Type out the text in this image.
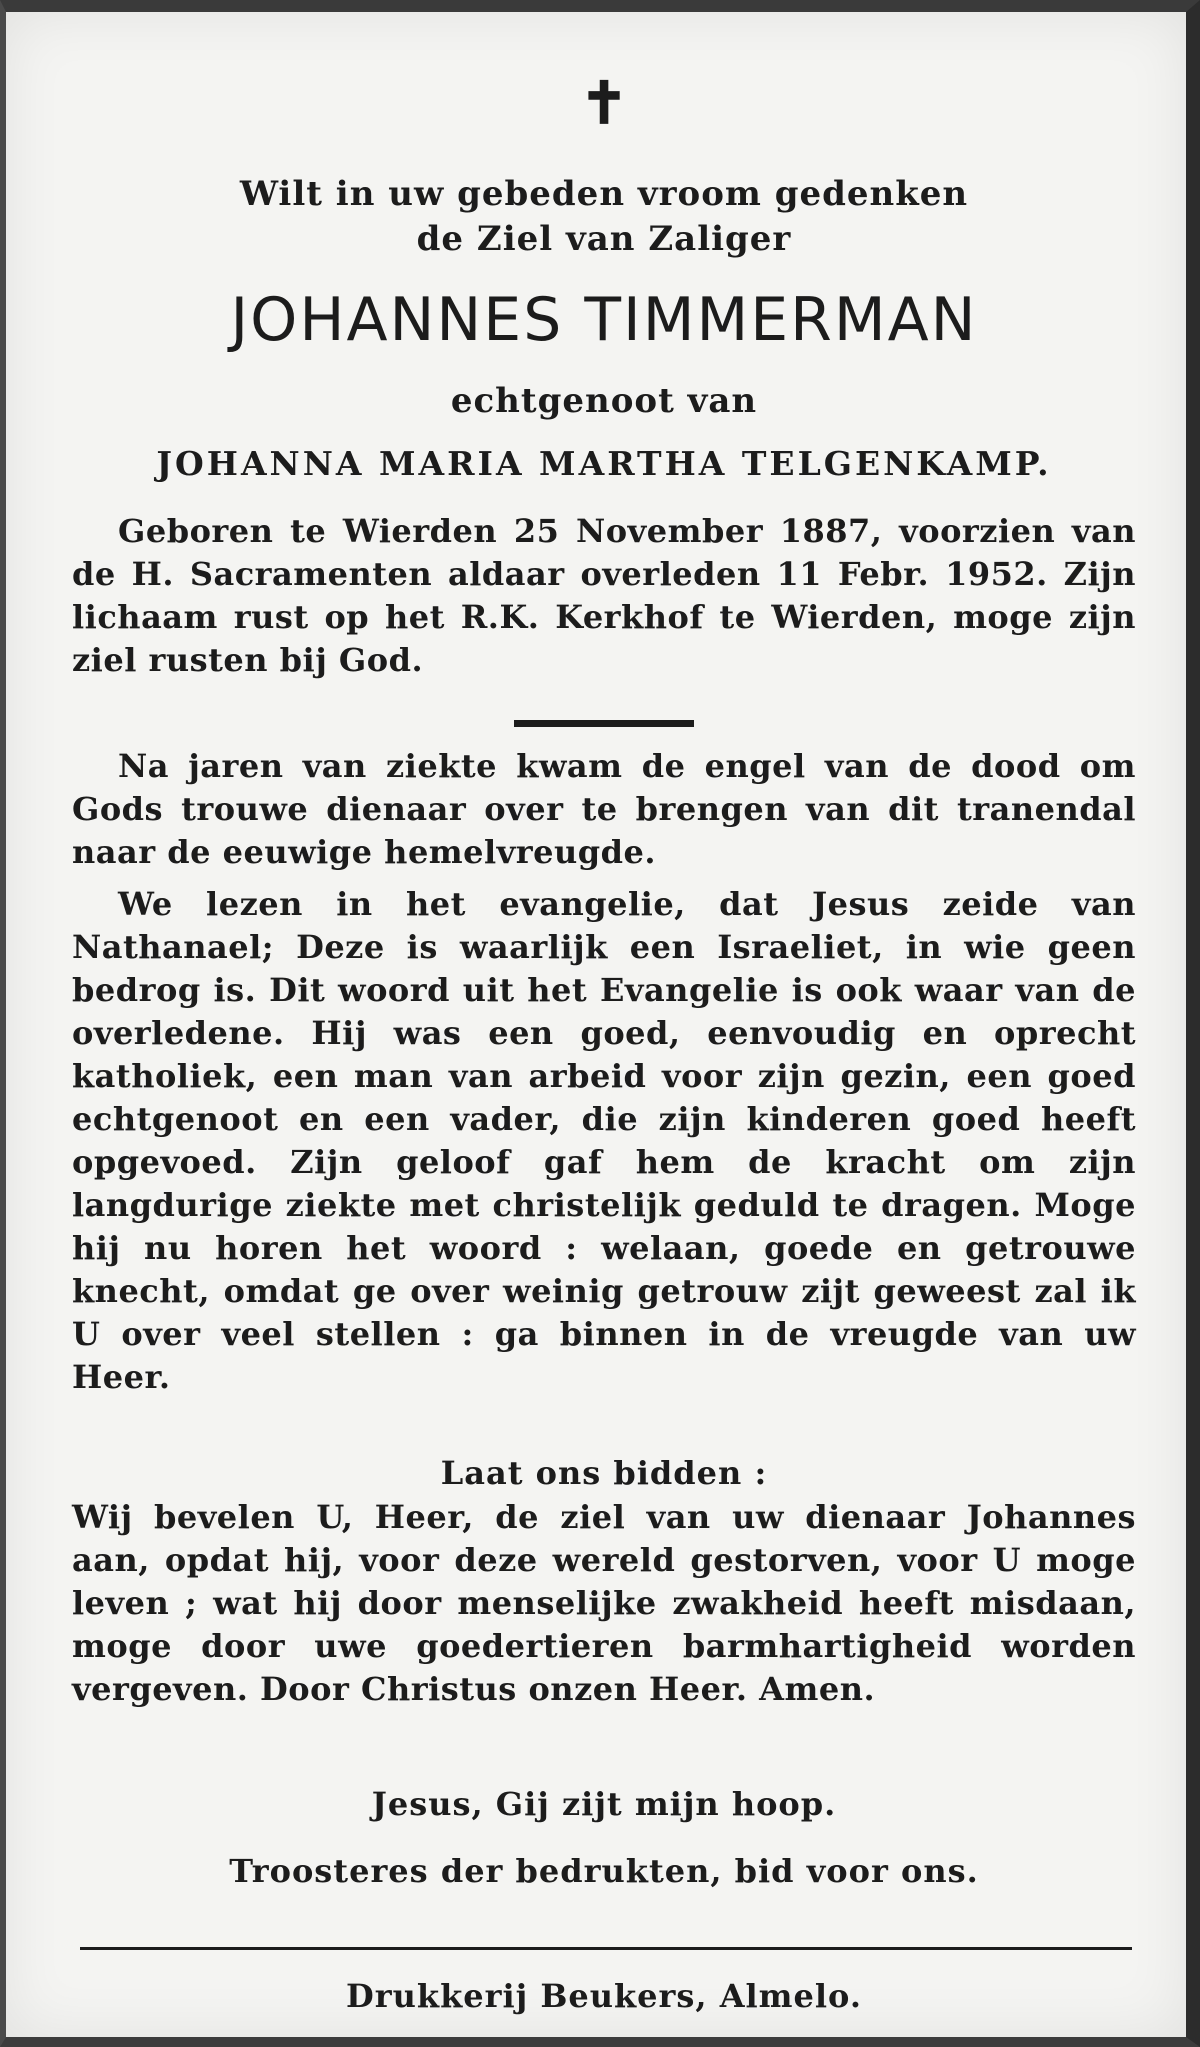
✝
Wilt in uw gebeden vroom gedenken
de Ziel van Zaliger
JOHANNES TIMMERMAN
echtgenoot van
JOHANNA MARIA MARTHA TELGENKAMP.

Geboren te Wierden 25 November 1887, voorzien van de H. Sacramenten aldaar overleden 11 Febr. 1952. Zijn lichaam rust op het R.K. Kerkhof te Wierden, moge zijn ziel rusten bij God.

Na jaren van ziekte kwam de engel van de dood om Gods trouwe dienaar over te brengen van dit tranendal naar de eeuwige hemelvreugde.

We lezen in het evangelie, dat Jesus zeide van Nathanael; Deze is waarlijk een Israeliet, in wie geen bedrog is. Dit woord uit het Evangelie is ook waar van de overledene. Hij was een goed, eenvoudig en oprecht katholiek, een man van arbeid voor zijn gezin, een goed echtgenoot en een vader, die zijn kinderen goed heeft opgevoed. Zijn geloof gaf hem de kracht om zijn langdurige ziekte met christelijk geduld te dragen. Moge hij nu horen het woord : welaan, goede en getrouwe knecht, omdat ge over weinig getrouw zijt geweest zal ik U over veel stellen : ga binnen in de vreugde van uw Heer.

Laat ons bidden :

Wij bevelen U, Heer, de ziel van uw dienaar Johannes aan, opdat hij, voor deze wereld gestorven, voor U moge leven ; wat hij door menselijke zwakheid heeft misdaan, moge door uwe goedertieren barmhartigheid worden vergeven. Door Christus onzen Heer. Amen.

Jesus, Gij zijt mijn hoop.
Troosteres der bedrukten, bid voor ons.
Drukkerij Beukers, Almelo.
